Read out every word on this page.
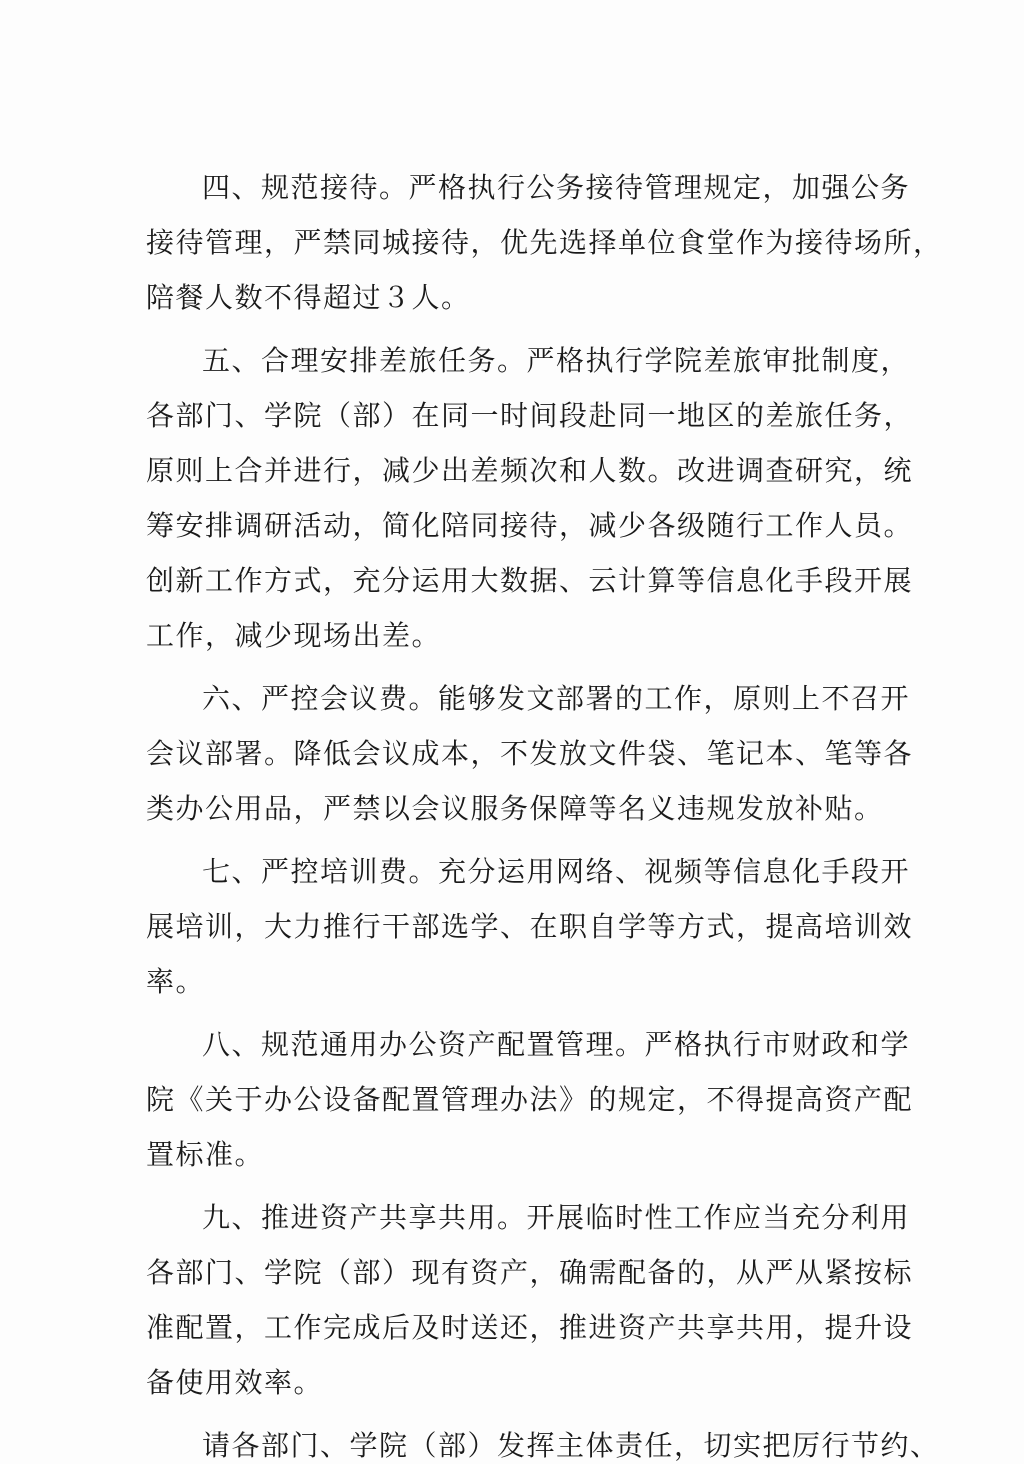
四、规范接待。严格执行公务接待管理规定，加强公务
接待管理，严禁同城接待，优先选择单位食堂作为接待场所，
陪餐人数不得超过３人。

五、合理安排差旅任务。严格执行学院差旅审批制度，
各部门、学院（部）在同一时间段赴同一地区的差旅任务，
原则上合并进行，减少出差频次和人数。改进调查研究，统
筹安排调研活动，简化陪同接待，减少各级随行工作人员。
创新工作方式，充分运用大数据、云计算等信息化手段开展
工作，减少现场出差。

六、严控会议费。能够发文部署的工作，原则上不召开
会议部署。降低会议成本，不发放文件袋、笔记本、笔等各
类办公用品，严禁以会议服务保障等名义违规发放补贴。

七、严控培训费。充分运用网络、视频等信息化手段开
展培训，大力推行干部选学、在职自学等方式，提高培训效
率。

八、规范通用办公资产配置管理。严格执行市财政和学
院《关于办公设备配置管理办法》的规定，不得提高资产配
置标准。

九、推进资产共享共用。开展临时性工作应当充分利用
各部门、学院（部）现有资产，确需配备的，从严从紧按标
准配置，工作完成后及时送还，推进资产共享共用，提升设
备使用效率。

请各部门、学院（部）发挥主体责任，切实把厉行节约、
